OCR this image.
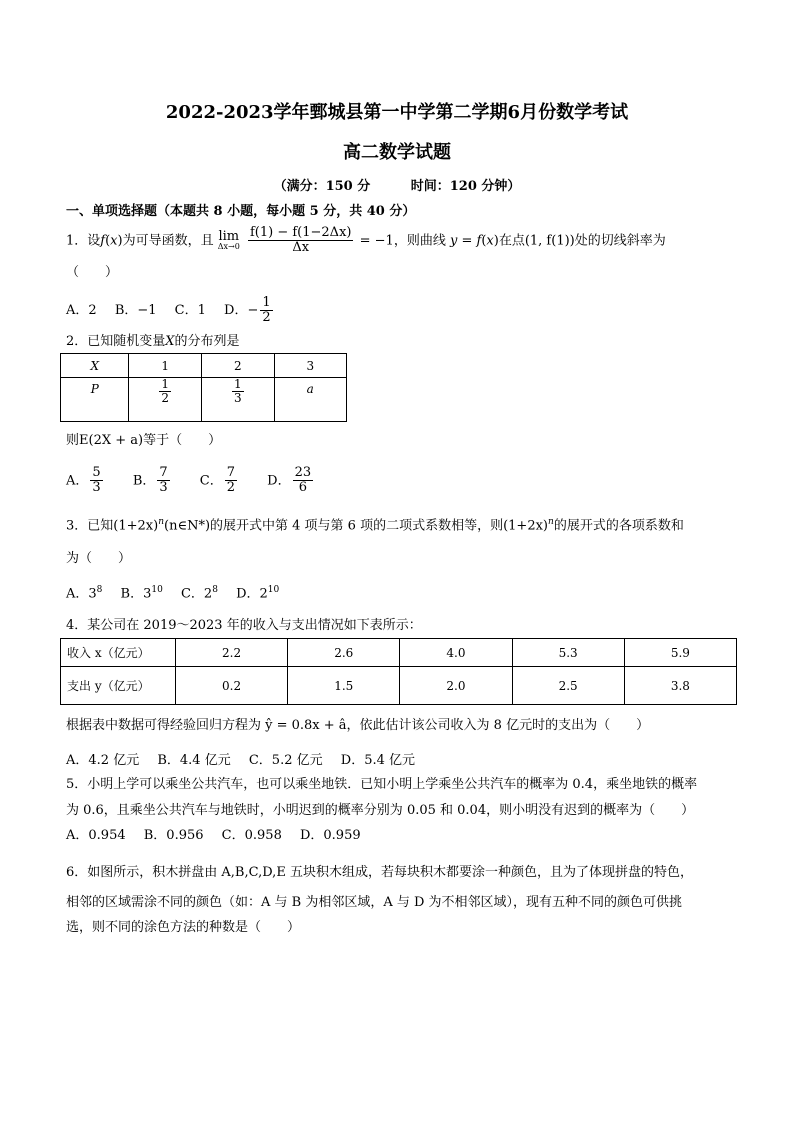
2022-2023学年鄄城县第一中学第二学期6月份数学考试
高二数学试题
（满分：150 分	时间：120 分钟）
一、单项选择题（本题共 8 小题，每小题 5 分，共 40 分）
1．设f(x)为可导函数，且 lim
Δx→0
$\frac{f(1) - f(1-2\Delta x)}{\Delta x} = -1$，则曲线 y = f(x)在点(1, f(1))处的切线斜率为
（　　）
A．2 B．−1 C．1 D．− $\frac{1}{2}$
2．已知随机变量X的分布列是
X	1	2	3
P	$\frac{1}{2}$	$\frac{1}{3}$	a
则E(2X + a)等于（　　）
A． $\frac{5}{3}$ B． $\frac{7}{3}$ C． $\frac{7}{2}$ D． $\frac{23}{6}$
3．已知$(1+2x)^n(n\in N*)$的展开式中第 4 项与第 6 项的二项式系数相等，则$(1+2x)^n$的展开式的各项系数和
为（　　）
A．$3^8$ B．$3^{10}$ C．$2^8$ D．$2^{10}$
4．某公司在 2019～2023 年的收入与支出情况如下表所示：
收入 x（亿元）	2.2	2.6	4.0	5.3	5.9
支出 y（亿元）	0.2	1.5	2.0	2.5	3.8
根据表中数据可得经验回归方程为 ŷ = 0.8x + â，依此估计该公司收入为 8 亿元时的支出为（　　）
A．4.2 亿元 B．4.4 亿元 C．5.2 亿元 D．5.4 亿元
5．小明上学可以乘坐公共汽车，也可以乘坐地铁．已知小明上学乘坐公共汽车的概率为 0.4，乘坐地铁的概率
为 0.6，且乘坐公共汽车与地铁时，小明迟到的概率分别为 0.05 和 0.04，则小明没有迟到的概率为（　　）
A．0.954 B．0.956 C．0.958 D．0.959
6．如图所示，积木拼盘由 A,B,C,D,E 五块积木组成，若每块积木都要涂一种颜色，且为了体现拼盘的特色，
相邻的区域需涂不同的颜色（如：A 与 B 为相邻区域，A 与 D 为不相邻区域），现有五种不同的颜色可供挑
选，则不同的涂色方法的种数是（　　）
